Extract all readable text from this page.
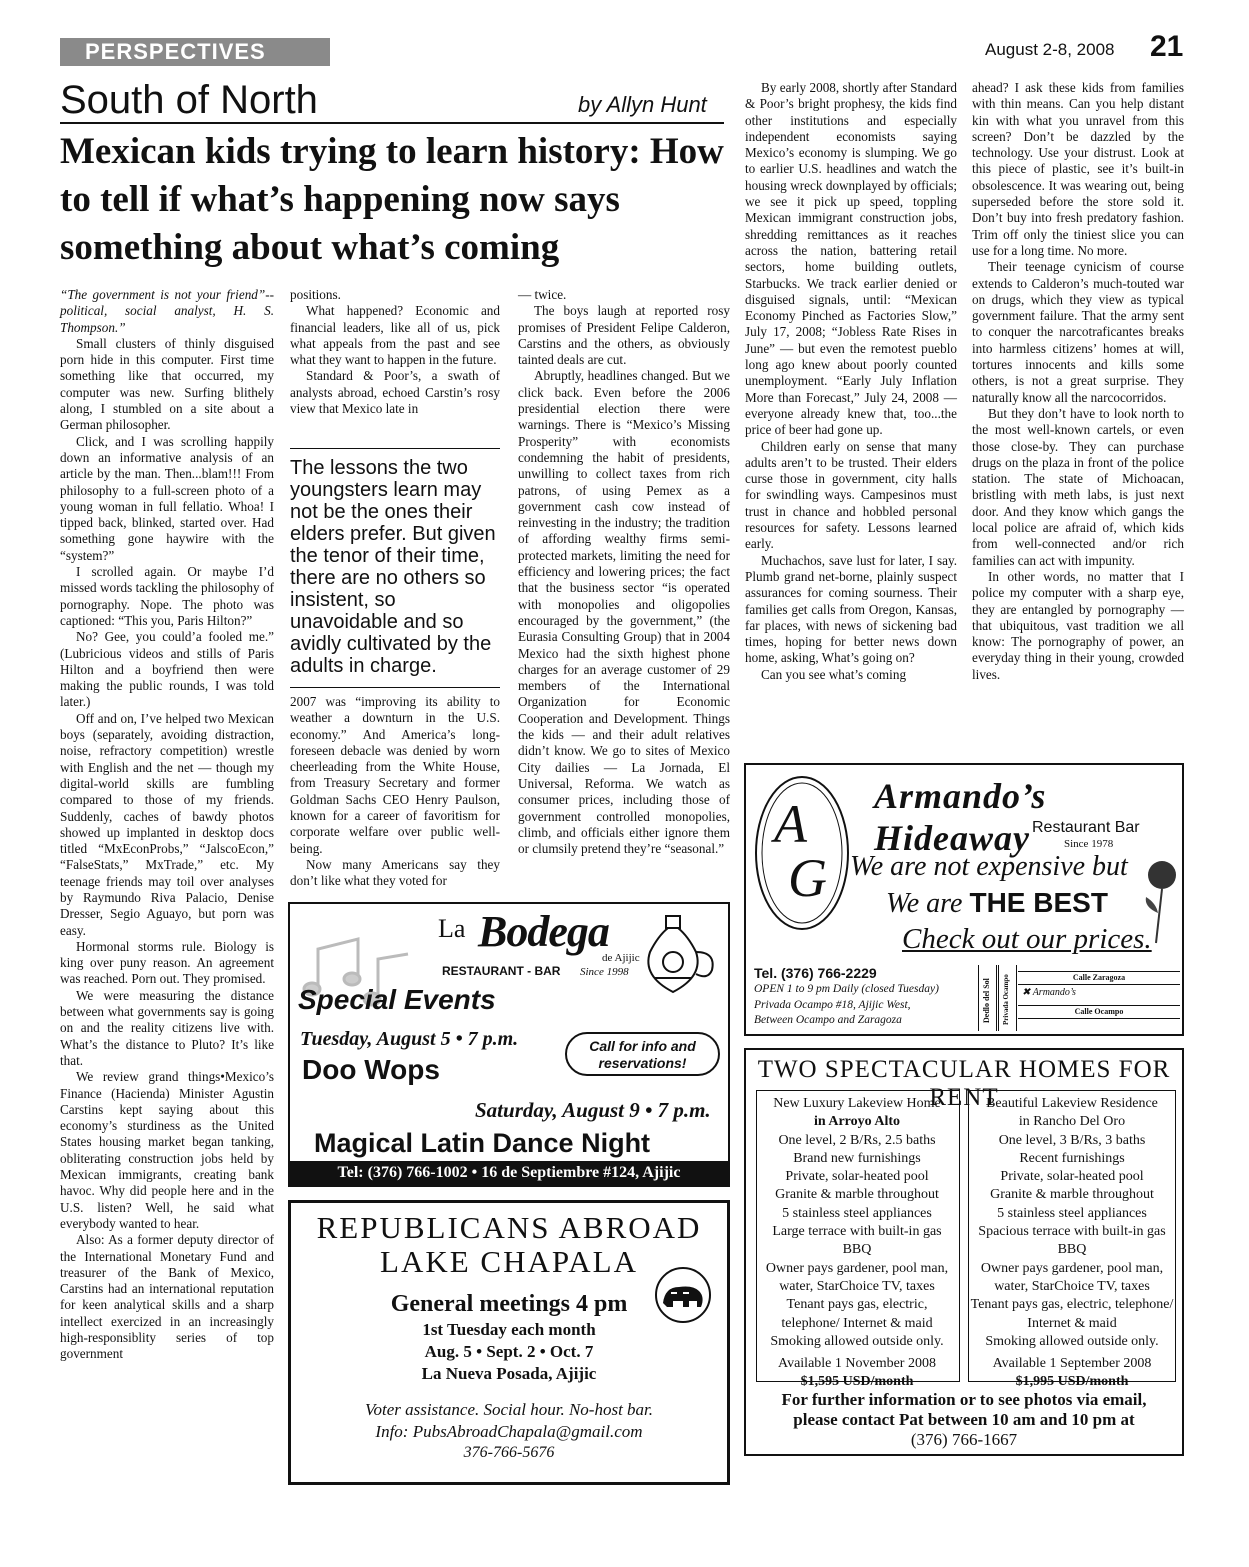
PERSPECTIVES	August 2-8, 2008 21
South of North	by Allyn Hunt
Mexican kids trying to learn history: How to tell if what’s happening now says something about what’s coming

“The government is not your friend”--political, social analyst, H. S. Thompson.”

Small clusters of thinly disguised porn hide in this computer. First time something like that occurred, my computer was new. Surfing blithely along, I stumbled on a site about a German philosopher.

Click, and I was scrolling happily down an informative analysis of an article by the man. Then...blam!!! From philosophy to a full-screen photo of a young woman in full fellatio. Whoa! I tipped back, blinked, started over. Had something gone haywire with the “system?”

I scrolled again. Or maybe I’d missed words tackling the philosophy of pornography. Nope. The photo was captioned: “This you, Paris Hilton?”

No? Gee, you could’a fooled me.” (Lubricious videos and stills of Paris Hilton and a boyfriend then were making the public rounds, I was told later.)

Off and on, I’ve helped two Mexican boys (separately, avoiding distraction, noise, refractory competition) wrestle with English and the net — though my digital-world skills are fumbling compared to those of my friends. Suddenly, caches of bawdy photos showed up implanted in desktop docs titled “MxEconProbs,” “JalscoEcon,” “FalseStats,” MxTrade,” etc. My teenage friends may toil over analyses by Raymundo Riva Palacio, Denise Dresser, Segio Aguayo, but porn was easy.

Hormonal storms rule. Biology is king over puny reason. An agreement was reached. Porn out. They promised.

We were measuring the distance between what governments say is going on and the reality citizens live with. What’s the distance to Pluto? It’s like that.

We review grand things•Mexico’s Finance (Hacienda) Minister Agustin Carstins kept saying about this economy’s sturdiness as the United States housing market began tanking, obliterating construction jobs held by Mexican immigrants, creating bank havoc. Why did people here and in the U.S. listen? Well, he said what everybody wanted to hear.

Also: As a former deputy director of the International Monetary Fund and treasurer of the Bank of Mexico, Carstins had an international reputation for keen analytical skills and a sharp intellect exercized in an increasingly high-responsiblity series of top government

positions.

What happened? Economic and financial leaders, like all of us, pick what appeals from the past and see what they want to happen in the future.

Standard & Poor’s, a swath of analysts abroad, echoed Carstin’s rosy view that Mexico late in

The lessons the two youngsters learn may not be the ones their elders prefer. But given the tenor of their time, there are no others so insistent, so unavoidable and so avidly cultivated by the adults in charge.

2007 was “improving its ability to weather a downturn in the U.S. economy.” And America’s long-foreseen debacle was denied by worn cheerleading from the White House, from Treasury Secretary and former Goldman Sachs CEO Henry Paulson, known for a career of favoritism for corporate welfare over public well-being.

Now many Americans say they don’t like what they voted for

— twice.

The boys laugh at reported rosy promises of President Felipe Calderon, Carstins and the others, as obviously tainted deals are cut.

Abruptly, headlines changed. But we click back. Even before the 2006 presidential election there were warnings. There is “Mexico’s Missing Prosperity” with economists condemning the habit of presidents, unwilling to collect taxes from rich patrons, of using Pemex as a government cash cow instead of reinvesting in the industry; the tradition of affording wealthy firms semi-protected markets, limiting the need for efficiency and lowering prices; the fact that the business sector “is operated with monopolies and oligopolies encouraged by the government,” (the Eurasia Consulting Group) that in 2004 Mexico had the sixth highest phone charges for an average customer of 29 members of the International Organization for Economic Cooperation and Development. Things the kids — and their adult relatives didn’t know. We go to sites of Mexico City dailies — La Jornada, El Universal, Reforma. We watch as consumer prices, including those of government controlled monopolies, climb, and officials either ignore them or clumsily pretend they’re “seasonal.”

By early 2008, shortly after Standard & Poor’s bright prophesy, the kids find other institutions and especially independent economists saying Mexico’s economy is slumping. We go to earlier U.S. headlines and watch the housing wreck downplayed by officials; we see it pick up speed, toppling Mexican immigrant construction jobs, shredding remittances as it reaches across the nation, battering retail sectors, home building outlets, Starbucks. We track earlier denied or disguised signals, until: “Mexican Economy Pinched as Factories Slow,” July 17, 2008; “Jobless Rate Rises in June” — but even the remotest pueblo long ago knew about poorly counted unemployment. “Early July Inflation More than Forecast,” July 24, 2008 — everyone already knew that, too...the price of beer had gone up.

Children early on sense that many adults aren’t to be trusted. Their elders curse those in government, city halls for swindling ways. Campesinos must trust in chance and hobbled personal resources for safety. Lessons learned early.

Muchachos, save lust for later, I say. Plumb grand net-borne, plainly suspect assurances for coming sourness. Their families get calls from Oregon, Kansas, far places, with news of sickening bad times, hoping for better news down home, asking, What’s going on?

Can you see what’s coming

ahead? I ask these kids from families with thin means. Can you help distant kin with what you unravel from this screen? Don’t be dazzled by the technology. Use your distrust. Look at this piece of plastic, see it’s built-in obsolescence. It was wearing out, being superseded before the store sold it. Don’t buy into fresh predatory fashion. Trim off only the tiniest slice you can use for a long time. No more.

Their teenage cynicism of course extends to Calderon’s much-touted war on drugs, which they view as typical government failure. That the army sent to conquer the narcotraficantes breaks into harmless citizens’ homes at will, tortures innocents and kills some others, is not a great surprise. They naturally know all the narcocorridos.

But they don’t have to look north to the most well-known cartels, or even those close-by. They can purchase drugs on the plaza in front of the police station. The state of Michoacan, bristling with meth labs, is just next door. And they know which gangs the local police are afraid of, which kids from well-connected and/or rich families can act with impunity.

In other words, no matter that I police my computer with a sharp eye, they are entangled by pornography — that ubiquitous, vast tradition we all know: The pornography of power, an everyday thing in their young, crowded lives.

La Bodega
de Ajijic
RESTAURANT - BAR Since 1998
Special Events
Tuesday, August 5 • 7 p.m.
Doo Wops
Call for info and reservations!
Saturday, August 9 • 7 p.m.
Magical Latin Dance Night
Tel: (376) 766-1002 • 16 de Septiembre #124, Ajijic
REPUBLICANS ABROAD
LAKE CHAPALA
General meetings 4 pm
1st Tuesday each month
Aug. 5 • Sept. 2 • Oct. 7
La Nueva Posada, Ajijic
Voter assistance. Social hour. No-host bar.
Info: PubsAbroadChapala@gmail.com
376-766-5676
A
G
Armando’s Hideaway Restaurant Bar
Since 1978
We are not expensive but
We are THE BEST
Check out our prices.
Tel. (376) 766-2229
OPEN 1 to 9 pm Daily (closed Tuesday)
Privada Ocampo #18, Ajijic West,
Between Ocampo and Zaragoza	Dedlo del Sol Privada Ocampo	Calle Zaragoza
✖ Armando’s
Calle Ocampo
TWO SPECTACULAR HOMES FOR RENT
New Luxury Lakeview Home
in Arroyo Alto
One level, 2 B/Rs, 2.5 baths
Brand new furnishings
Private, solar-heated pool
Granite & marble throughout
5 stainless steel appliances
Large terrace with built-in gas BBQ
Owner pays gardener, pool man, water, StarChoice TV, taxes
Tenant pays gas, electric, telephone/ Internet & maid
Smoking allowed outside only.
Available 1 November 2008
$1,595 USD/month
Beautiful Lakeview Residence
in Rancho Del Oro
One level, 3 B/Rs, 3 baths
Recent furnishings
Private, solar-heated pool
Granite & marble throughout
5 stainless steel appliances
Spacious terrace with built-in gas BBQ
Owner pays gardener, pool man, water, StarChoice TV, taxes
Tenant pays gas, electric, telephone/ Internet & maid
Smoking allowed outside only.
Available 1 September 2008
$1,995 USD/month
For further information or to see photos via email,
please contact Pat between 10 am and 10 pm at
(376) 766-1667
